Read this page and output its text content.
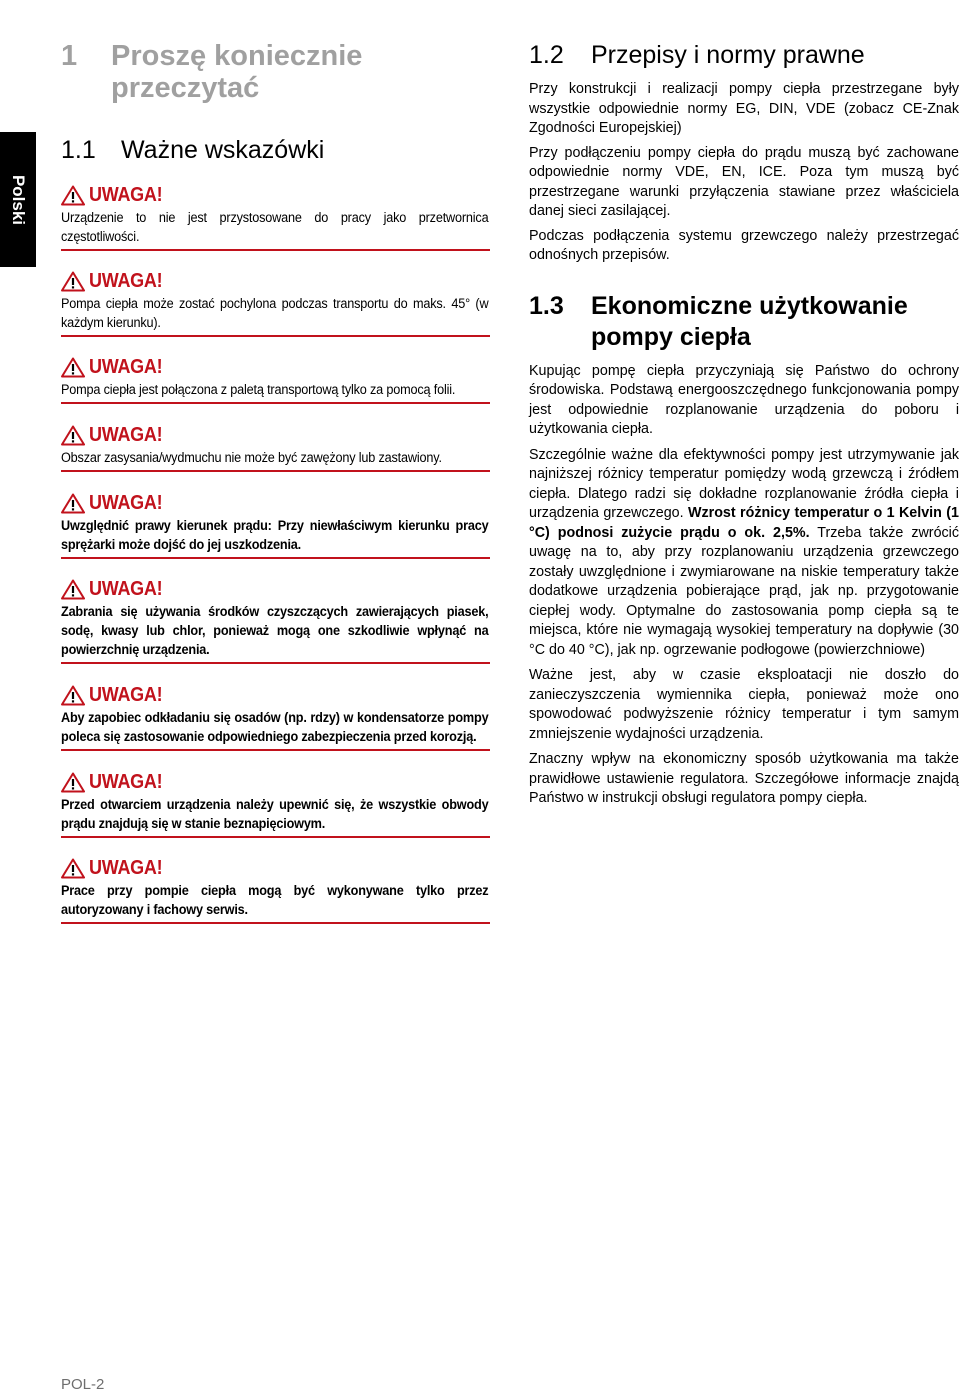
Polski
1	Proszę koniecznie
przeczytać
1.1	Ważne wskazówki
UWAGA!
Urządzenie to nie jest przystosowane do pracy jako przetwornica częstotliwości.
UWAGA!
Pompa ciepła może zostać pochylona podczas transportu do maks. 45° (w każdym kierunku).
UWAGA!
Pompa ciepła jest połączona z paletą transportową tylko za pomocą folii.
UWAGA!
Obszar zasysania/wydmuchu nie może być zawężony lub zastawiony.
UWAGA!
Uwzględnić prawy kierunek prądu: Przy niewłaściwym kierunku pracy sprężarki może dojść do jej uszkodzenia.
UWAGA!
Zabrania się używania środków czyszczących zawierających piasek, sodę, kwasy lub chlor, ponieważ mogą one szkodliwie wpłynąć na powierzchnię urządzenia.
UWAGA!
Aby zapobiec odkładaniu się osadów (np. rdzy) w kondensatorze pompy poleca się zastosowanie odpowiedniego zabezpieczenia przed korozją.
UWAGA!
Przed otwarciem urządzenia należy upewnić się, że wszystkie obwody prądu znajdują się w stanie beznapięciowym.
UWAGA!
Prace przy pompie ciepła mogą być wykonywane tylko przez autoryzowany i fachowy serwis.
1.2	Przepisy i normy prawne

Przy konstrukcji i realizacji pompy ciepła przestrzegane były wszystkie odpowiednie normy EG, DIN, VDE (zobacz CE-Znak Zgodności Europejskiej)

Przy podłączeniu pompy ciepła do prądu muszą być zachowane odpowiednie normy VDE, EN, ICE. Poza tym muszą być przestrzegane warunki przyłączenia stawiane przez właściciela danej sieci zasilającej.

Podczas podłączenia systemu grzewczego należy przestrzegać odnośnych przepisów.

1.3	Ekonomiczne użytkowanie
pompy ciepła

Kupując pompę ciepła przyczyniają się Państwo do ochrony środowiska. Podstawą energooszczędnego funkcjonowania pompy jest odpowiednie rozplanowanie urządzenia do poboru i użytkowania ciepła.

Szczególnie ważne dla efektywności pompy jest utrzymywanie jak najniższej różnicy temperatur pomiędzy wodą grzewczą i źródłem ciepła. Dlatego radzi się dokładne rozplanowanie źródła ciepła i urządzenia grzewczego. Wzrost różnicy temperatur o 1 Kelvin (1 °C) podnosi zużycie prądu o ok. 2,5%. Trzeba także zwrócić uwagę na to, aby przy rozplanowaniu urządzenia grzewczego zostały uwzględnione i zwymiarowane na niskie temperatury także dodatkowe urządzenia pobierające prąd, jak np. przygotowanie ciepłej wody. Optymalne do zastosowania pomp ciepła są te miejsca, które nie wymagają wysokiej temperatury na dopływie (30 °C do 40 °C), jak np. ogrzewanie podłogowe (powierzchniowe)

Ważne jest, aby w czasie eksploatacji nie doszło do zanieczyszczenia wymiennika ciepła, ponieważ może ono spowodować podwyższenie różnicy temperatur i tym samym zmniejszenie wydajności urządzenia.

Znaczny wpływ na ekonomiczny sposób użytkowania ma także prawidłowe ustawienie regulatora. Szczegółowe informacje znajdą Państwo w instrukcji obsługi regulatora pompy ciepła.

POL-2
